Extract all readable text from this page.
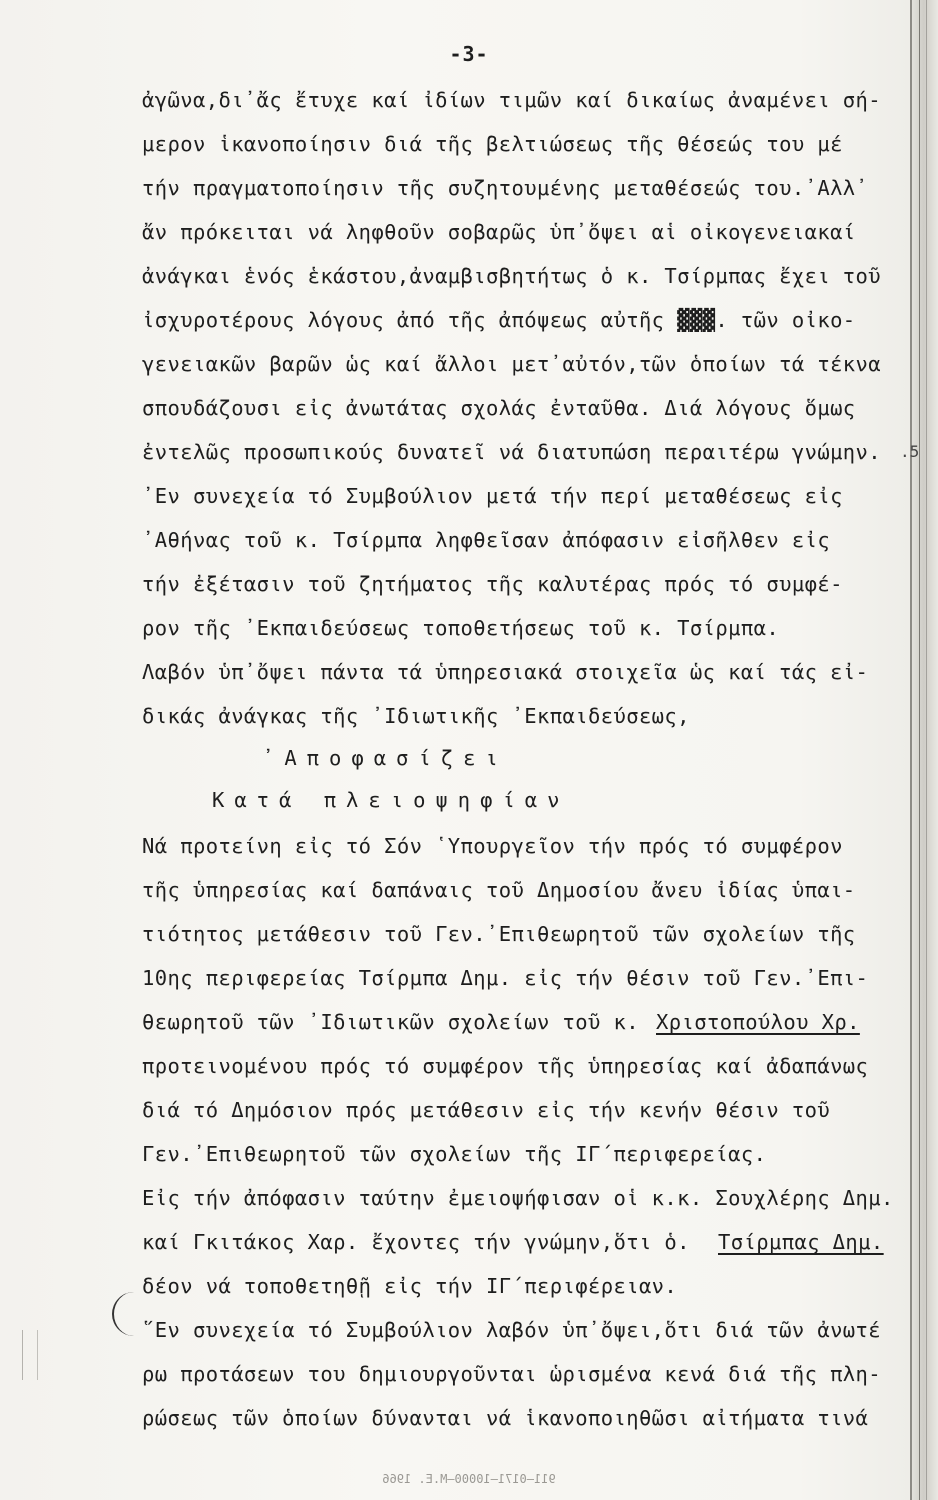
-3-
ἀγῶνα,δι᾿ἄς ἔτυχε καί ἰδίων τιμῶν καί δικαίως ἀναμένει σή-
μερον ἱκανοποίησιν διά τῆς βελτιώσεως τῆς θέσεώς του μέ
τήν πραγματοποίησιν τῆς συζητουμένης μεταθέσεώς του.᾿Αλλ᾿
ἄν πρόκειται νά ληφθοῦν σοβαρῶς ὑπ᾿ὄψει αἱ οἰκογενειακαί
ἀνάγκαι ἑνός ἑκάστου,ἀναμβισβητήτως ὁ κ. Τσίρμπας ἔχει τοῦ
ἰσχυροτέρους λόγους ἀπό τῆς ἀπόψεως αὐτῆς ▓▓▓. τῶν οἰκο-
γενειακῶν βαρῶν ὡς καί ἄλλοι μετ᾿αὐτόν,τῶν ὁποίων τά τέκνα
σπουδάζουσι εἰς ἀνωτάτας σχολάς ἐνταῦθα. Διά λόγους ὅμως
ἐντελῶς προσωπικούς δυνατεῖ νά διατυπώση περαιτέρω γνώμην. .5
᾿Εν συνεχεία τό Συμβούλιον μετά τήν περί μεταθέσεως εἰς
᾿Αθήνας τοῦ κ. Τσίρμπα ληφθεῖσαν ἀπόφασιν εἰσῆλθεν εἰς
τήν ἐξέτασιν τοῦ ζητήματος τῆς καλυτέρας πρός τό συμφέ-
ρον τῆς ᾿Εκπαιδεύσεως τοποθετήσεως τοῦ κ. Τσίρμπα.
Λαβόν ὑπ᾿ὄψει πάντα τά ὑπηρεσιακά στοιχεῖα ὡς καί τάς εἰ-
δικάς ἀνάγκας τῆς ᾿Ιδιωτικῆς ᾿Εκπαιδεύσεως,
᾿Αποφασίζει
Κατά πλειοψηφίαν
Νά προτείνη εἰς τό Σόν ῾Υπουργεῖον τήν πρός τό συμφέρον
τῆς ὑπηρεσίας καί δαπάναις τοῦ Δημοσίου ἄνευ ἰδίας ὑπαι-
τιότητος μετάθεσιν τοῦ Γεν.᾿Επιθεωρητοῦ τῶν σχολείων τῆς
10ης περιφερείας Τσίρμπα Δημ. εἰς τήν θέσιν τοῦ Γεν.᾿Επι-
θεωρητοῦ τῶν ᾿Ιδιωτικῶν σχολείων τοῦ κ. Χριστοπούλου Χρ.
προτεινομένου πρός τό συμφέρον τῆς ὑπηρεσίας καί ἀδαπάνως
διά τό Δημόσιον πρός μετάθεσιν εἰς τήν κενήν θέσιν τοῦ
Γεν.᾿Επιθεωρητοῦ τῶν σχολείων τῆς ΙΓ΄περιφερείας.
Εἰς τήν ἀπόφασιν ταύτην ἐμειοψήφισαν οἱ κ.κ. Σουχλέρης Δημ.
καί Γκιτάκος Χαρ. ἔχοντες τήν γνώμην,ὅτι ὁ. Τσίρμπας Δημ.
δέον νά τοποθετηθῇ εἰς τήν ΙΓ΄περιφέρειαν.
῞Εν συνεχεία τό Συμβούλιον λαβόν ὑπ᾿ὄψει,ὅτι διά τῶν ἀνωτέ
ρω προτάσεων του δημιουργοῦνται ὡρισμένα κενά διά τῆς πλη-
ρώσεως τῶν ὁποίων δύνανται νά ἱκανοποιηθῶσι αἰτήματα τινά
911—0171—10000—Μ.Ε. 1966
